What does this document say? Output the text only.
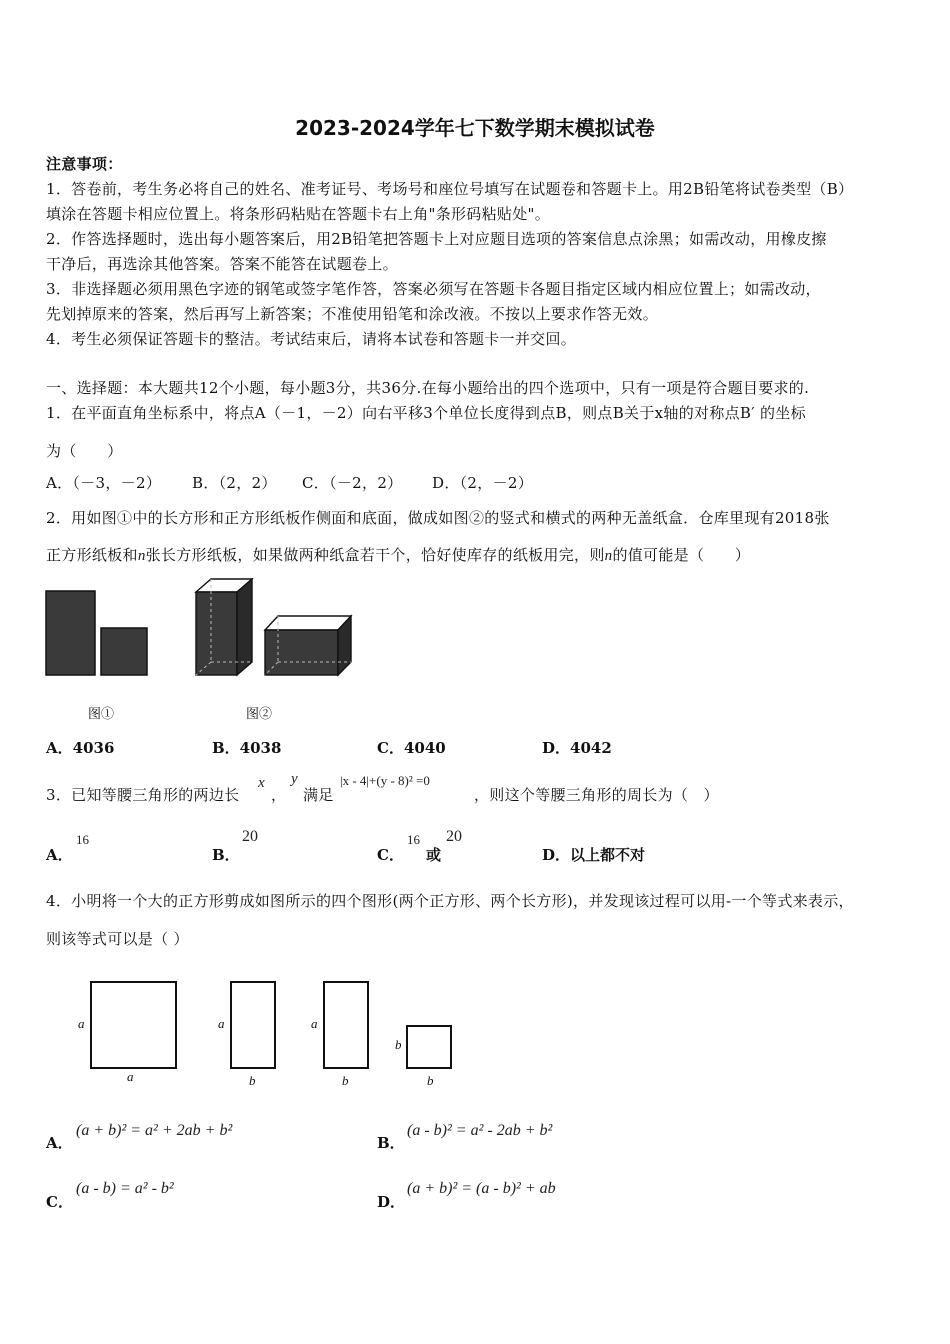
2023-2024学年七下数学期末模拟试卷
注意事项：
1．答卷前，考生务必将自己的姓名、准考证号、考场号和座位号填写在试题卷和答题卡上。用2B铅笔将试卷类型（B）
填涂在答题卡相应位置上。将条形码粘贴在答题卡右上角"条形码粘贴处"。
2．作答选择题时，选出每小题答案后，用2B铅笔把答题卡上对应题目选项的答案信息点涂黑；如需改动，用橡皮擦
干净后，再选涂其他答案。答案不能答在试题卷上。
3．非选择题必须用黑色字迹的钢笔或签字笔作答，答案必须写在答题卡各题目指定区域内相应位置上；如需改动，
先划掉原来的答案，然后再写上新答案；不准使用铅笔和涂改液。不按以上要求作答无效。
4．考生必须保证答题卡的整洁。考试结束后，请将本试卷和答题卡一并交回。
一、选择题：本大题共12个小题，每小题3分，共36分.在每小题给出的四个选项中，只有一项是符合题目要求的.
1．在平面直角坐标系中，将点A（－1，－2）向右平移3个单位长度得到点B，则点B关于x轴的对称点B′ 的坐标
为（　　）
A．（－3，－2） B．（2，2） C．（－2，2） D．（2，－2）
2．用如图①中的长方形和正方形纸板作侧面和底面，做成如图②的竖式和横式的两种无盖纸盒．仓库里现有2018张
正方形纸板和n张长方形纸板，如果做两种纸盒若干个，恰好使库存的纸板用完，则n的值可能是（　　）
图①	图②
A．4036	B．4038	C．4040	D．4042
3．已知等腰三角形的两边长
x
，
y
满足
|x - 4|+(y - 8)² =0
，则这个等腰三角形的周长为（　）
A．
16
B．
20
C．
16
或
20
D．以上都不对
4．小明将一个大的正方形剪成如图所示的四个图形(两个正方形、两个长方形)，并发现该过程可以用-一个等式来表示，
则该等式可以是（ ）
a
a
a
b
a
b
b
b
A．
(a + b)² = a² + 2ab + b²
B．
(a - b)² = a² - 2ab + b²
C．
(a - b) = a² - b²
D．
(a + b)² = (a - b)² + ab
